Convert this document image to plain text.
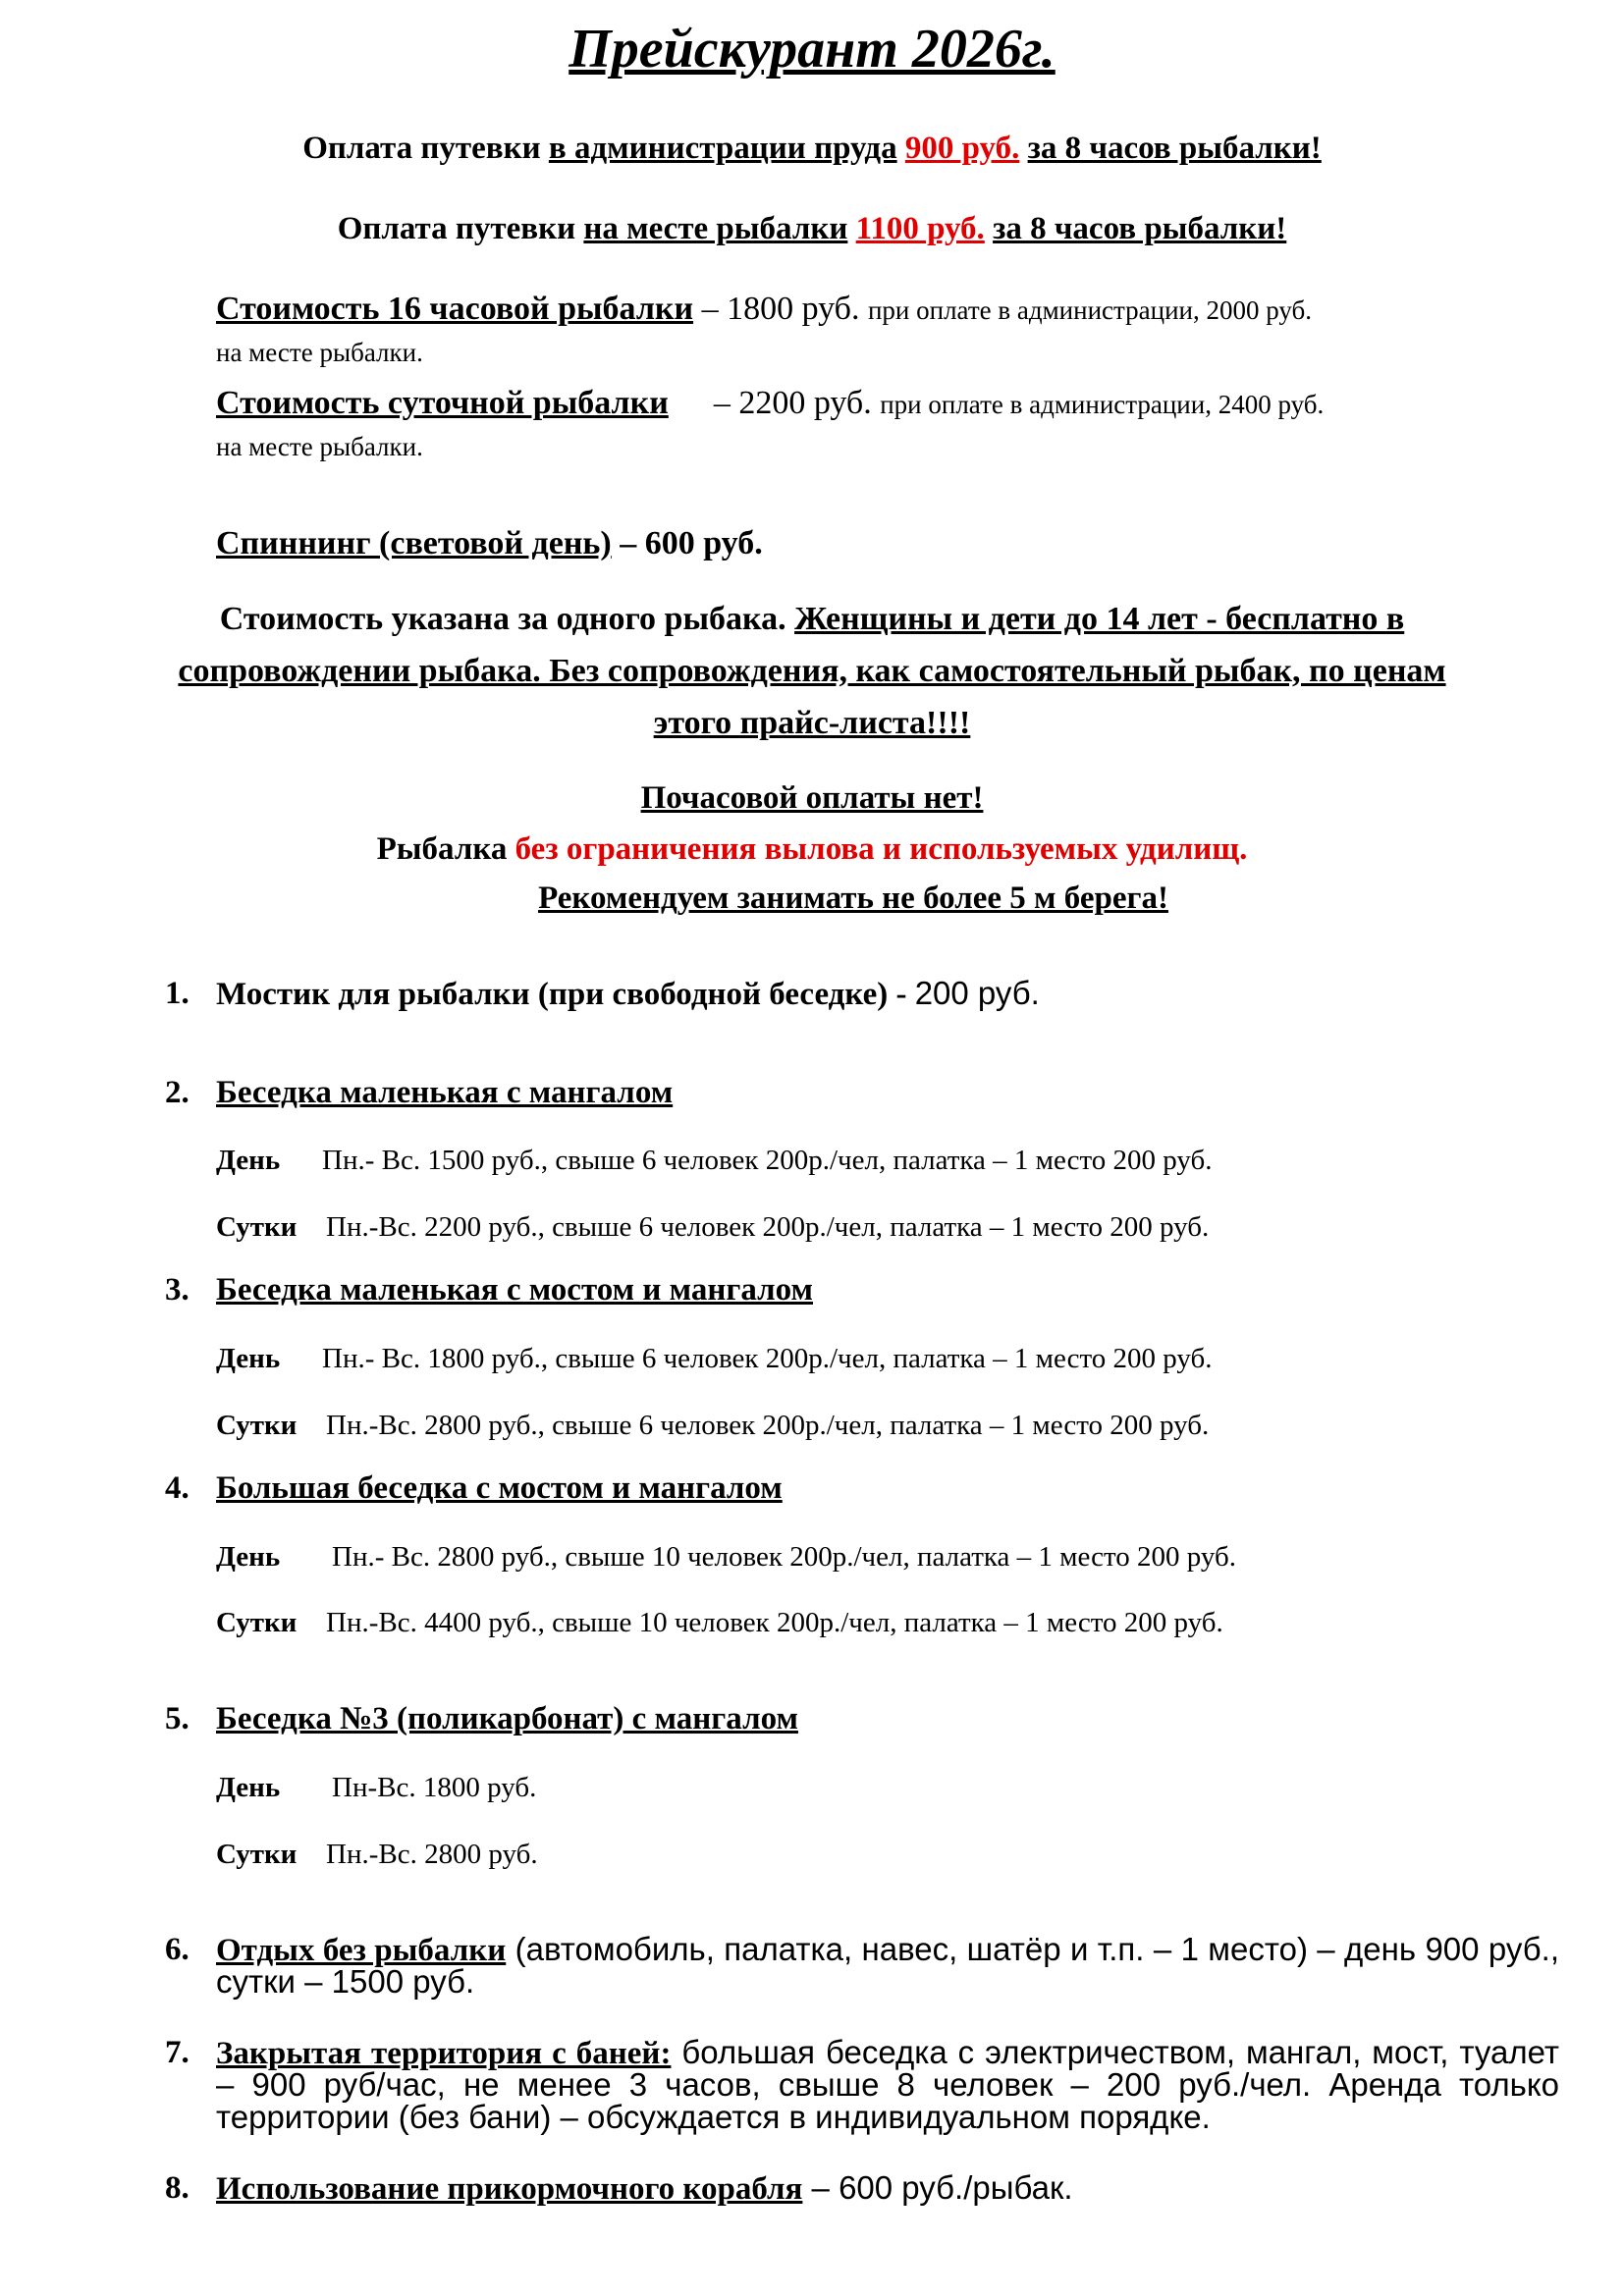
Прейскурант 2026г.
Оплата путевки в администрации пруда 900 руб. за 8 часов рыбалки!
Оплата путевки на месте рыбалки 1100 руб. за 8 часов рыбалки!
Стоимость 16 часовой рыбалки – 1800 руб. при оплате в администрации, 2000 руб.
на месте рыбалки.
Стоимость суточной рыбалки – 2200 руб. при оплате в администрации, 2400 руб.
на месте рыбалки.
Спиннинг (световой день) – 600 руб.
Стоимость указана за одного рыбака. Женщины и дети до 14 лет - бесплатно в сопровождении рыбака. Без сопровождения, как самостоятельный рыбак, по ценам этого прайс-листа!!!!
Почасовой оплаты нет!
Рыбалка без ограничения вылова и используемых удилищ.
Рекомендуем занимать не более 5 м берега!
1. Мостик для рыбалки (при свободной беседке) - 200 руб.
2. Беседка маленькая с мангалом
День Пн.- Вс. 1500 руб., свыше 6 человек 200р./чел, палатка – 1 место 200 руб.
Сутки Пн.-Вс. 2200 руб., свыше 6 человек 200р./чел, палатка – 1 место 200 руб.
3. Беседка маленькая с мостом и мангалом
День Пн.- Вс. 1800 руб., свыше 6 человек 200р./чел, палатка – 1 место 200 руб.
Сутки Пн.-Вс. 2800 руб., свыше 6 человек 200р./чел, палатка – 1 место 200 руб.
4. Большая беседка с мостом и мангалом
День Пн.- Вс. 2800 руб., свыше 10 человек 200р./чел, палатка – 1 место 200 руб.
Сутки Пн.-Вс. 4400 руб., свыше 10 человек 200р./чел, палатка – 1 место 200 руб.
5. Беседка №3 (поликарбонат) с мангалом
День Пн-Вс. 1800 руб.
Сутки Пн.-Вс. 2800 руб.
6. Отдых без рыбалки (автомобиль, палатка, навес, шатёр и т.п. – 1 место) – день 900 руб., сутки – 1500 руб.
7. Закрытая территория с баней: большая беседка с электричеством, мангал, мост, туалет – 900 руб/час, не менее 3 часов, свыше 8 человек – 200 руб./чел. Аренда только территории (без бани) – обсуждается в индивидуальном порядке.
8. Использование прикормочного корабля – 600 руб./рыбак.
